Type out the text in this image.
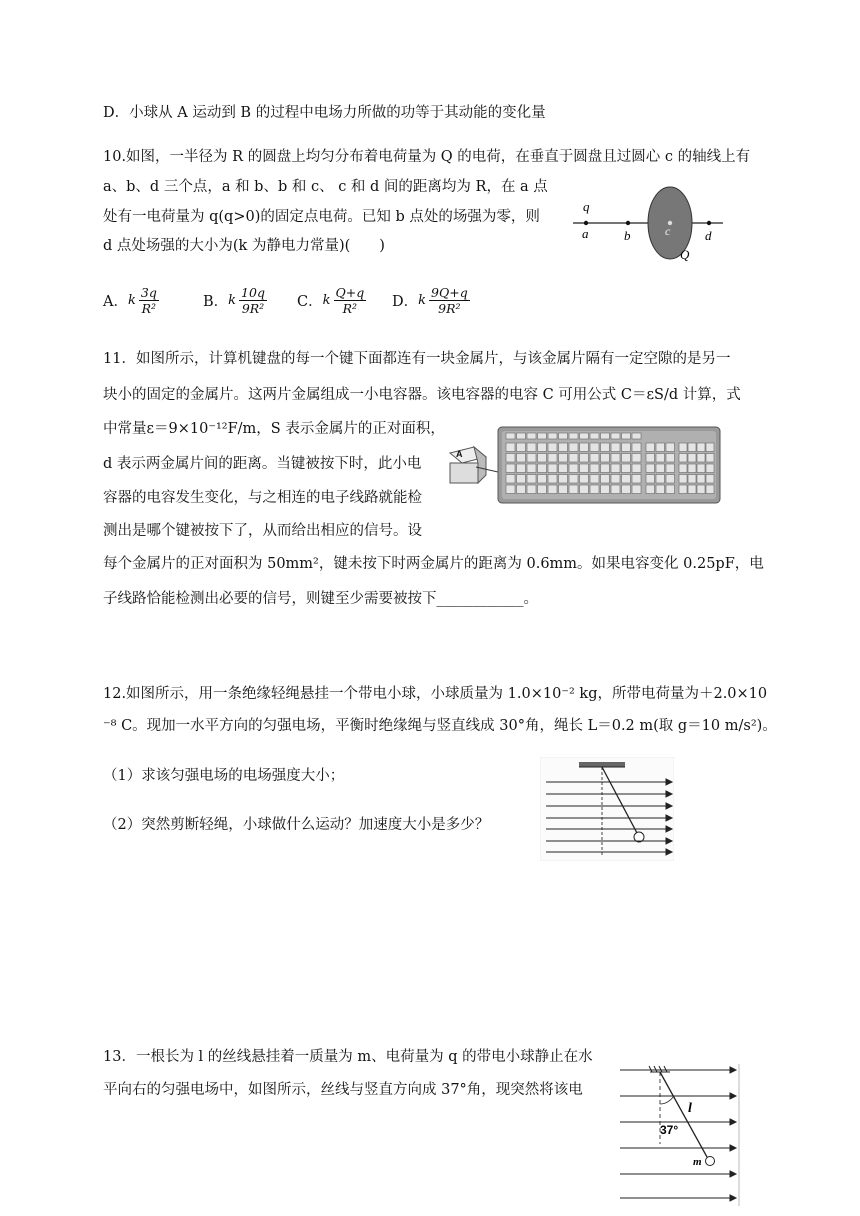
D．小球从 A 运动到 B 的过程中电场力所做的功等于其动能的变化量
10.如图，一半径为 R 的圆盘上均匀分布着电荷量为 Q 的电荷，在垂直于圆盘且过圆心 c 的轴线上有
a、b、d 三个点，a 和 b、b 和 c、 c 和 d 间的距离均为 R，在 a 点
处有一电荷量为 q(q>0)的固定点电荷。已知 b 点处的场强为零，则
d 点处场强的大小为(k 为静电力常量)(　　)
q
a	b	c	d
Q
A． k $\frac{3q}{\text{R²}}$	B． k $\frac{10q}{\text{9R²}}$ C． k $\frac{Q+q}{\text{R²}}$ D． k $\frac{9Q+q}{\text{9R²}}$
11．如图所示，计算机键盘的每一个键下面都连有一块金属片，与该金属片隔有一定空隙的是另一
块小的固定的金属片。这两片金属组成一小电容器。该电容器的电容 C 可用公式 C＝εS/d 计算，式
中常量ε＝9×10⁻¹²F/m，S 表示金属片的正对面积，
d 表示两金属片间的距离。当键被按下时，此小电
容器的电容发生变化，与之相连的电子线路就能检
测出是哪个键被按下了，从而给出相应的信号。设
每个金属片的正对面积为 50mm²，键未按下时两金属片的距离为 0.6mm。如果电容变化 0.25pF，电
子线路恰能检测出必要的信号，则键至少需要被按下____________。
A
12.如图所示，用一条绝缘轻绳悬挂一个带电小球，小球质量为 1.0×10⁻² kg，所带电荷量为＋2.0×10
⁻⁸ C。现加一水平方向的匀强电场，平衡时绝缘绳与竖直线成 30°角，绳长 L＝0.2 m(取 g＝10 m/s²)。
（1）求该匀强电场的电场强度大小；
（2）突然剪断轻绳，小球做什么运动？加速度大小是多少？
13．一根长为 l 的丝线悬挂着一质量为 m、电荷量为 q 的带电小球静止在水
平向右的匀强电场中，如图所示，丝线与竖直方向成 37°角，现突然将该电
l
37°
m
